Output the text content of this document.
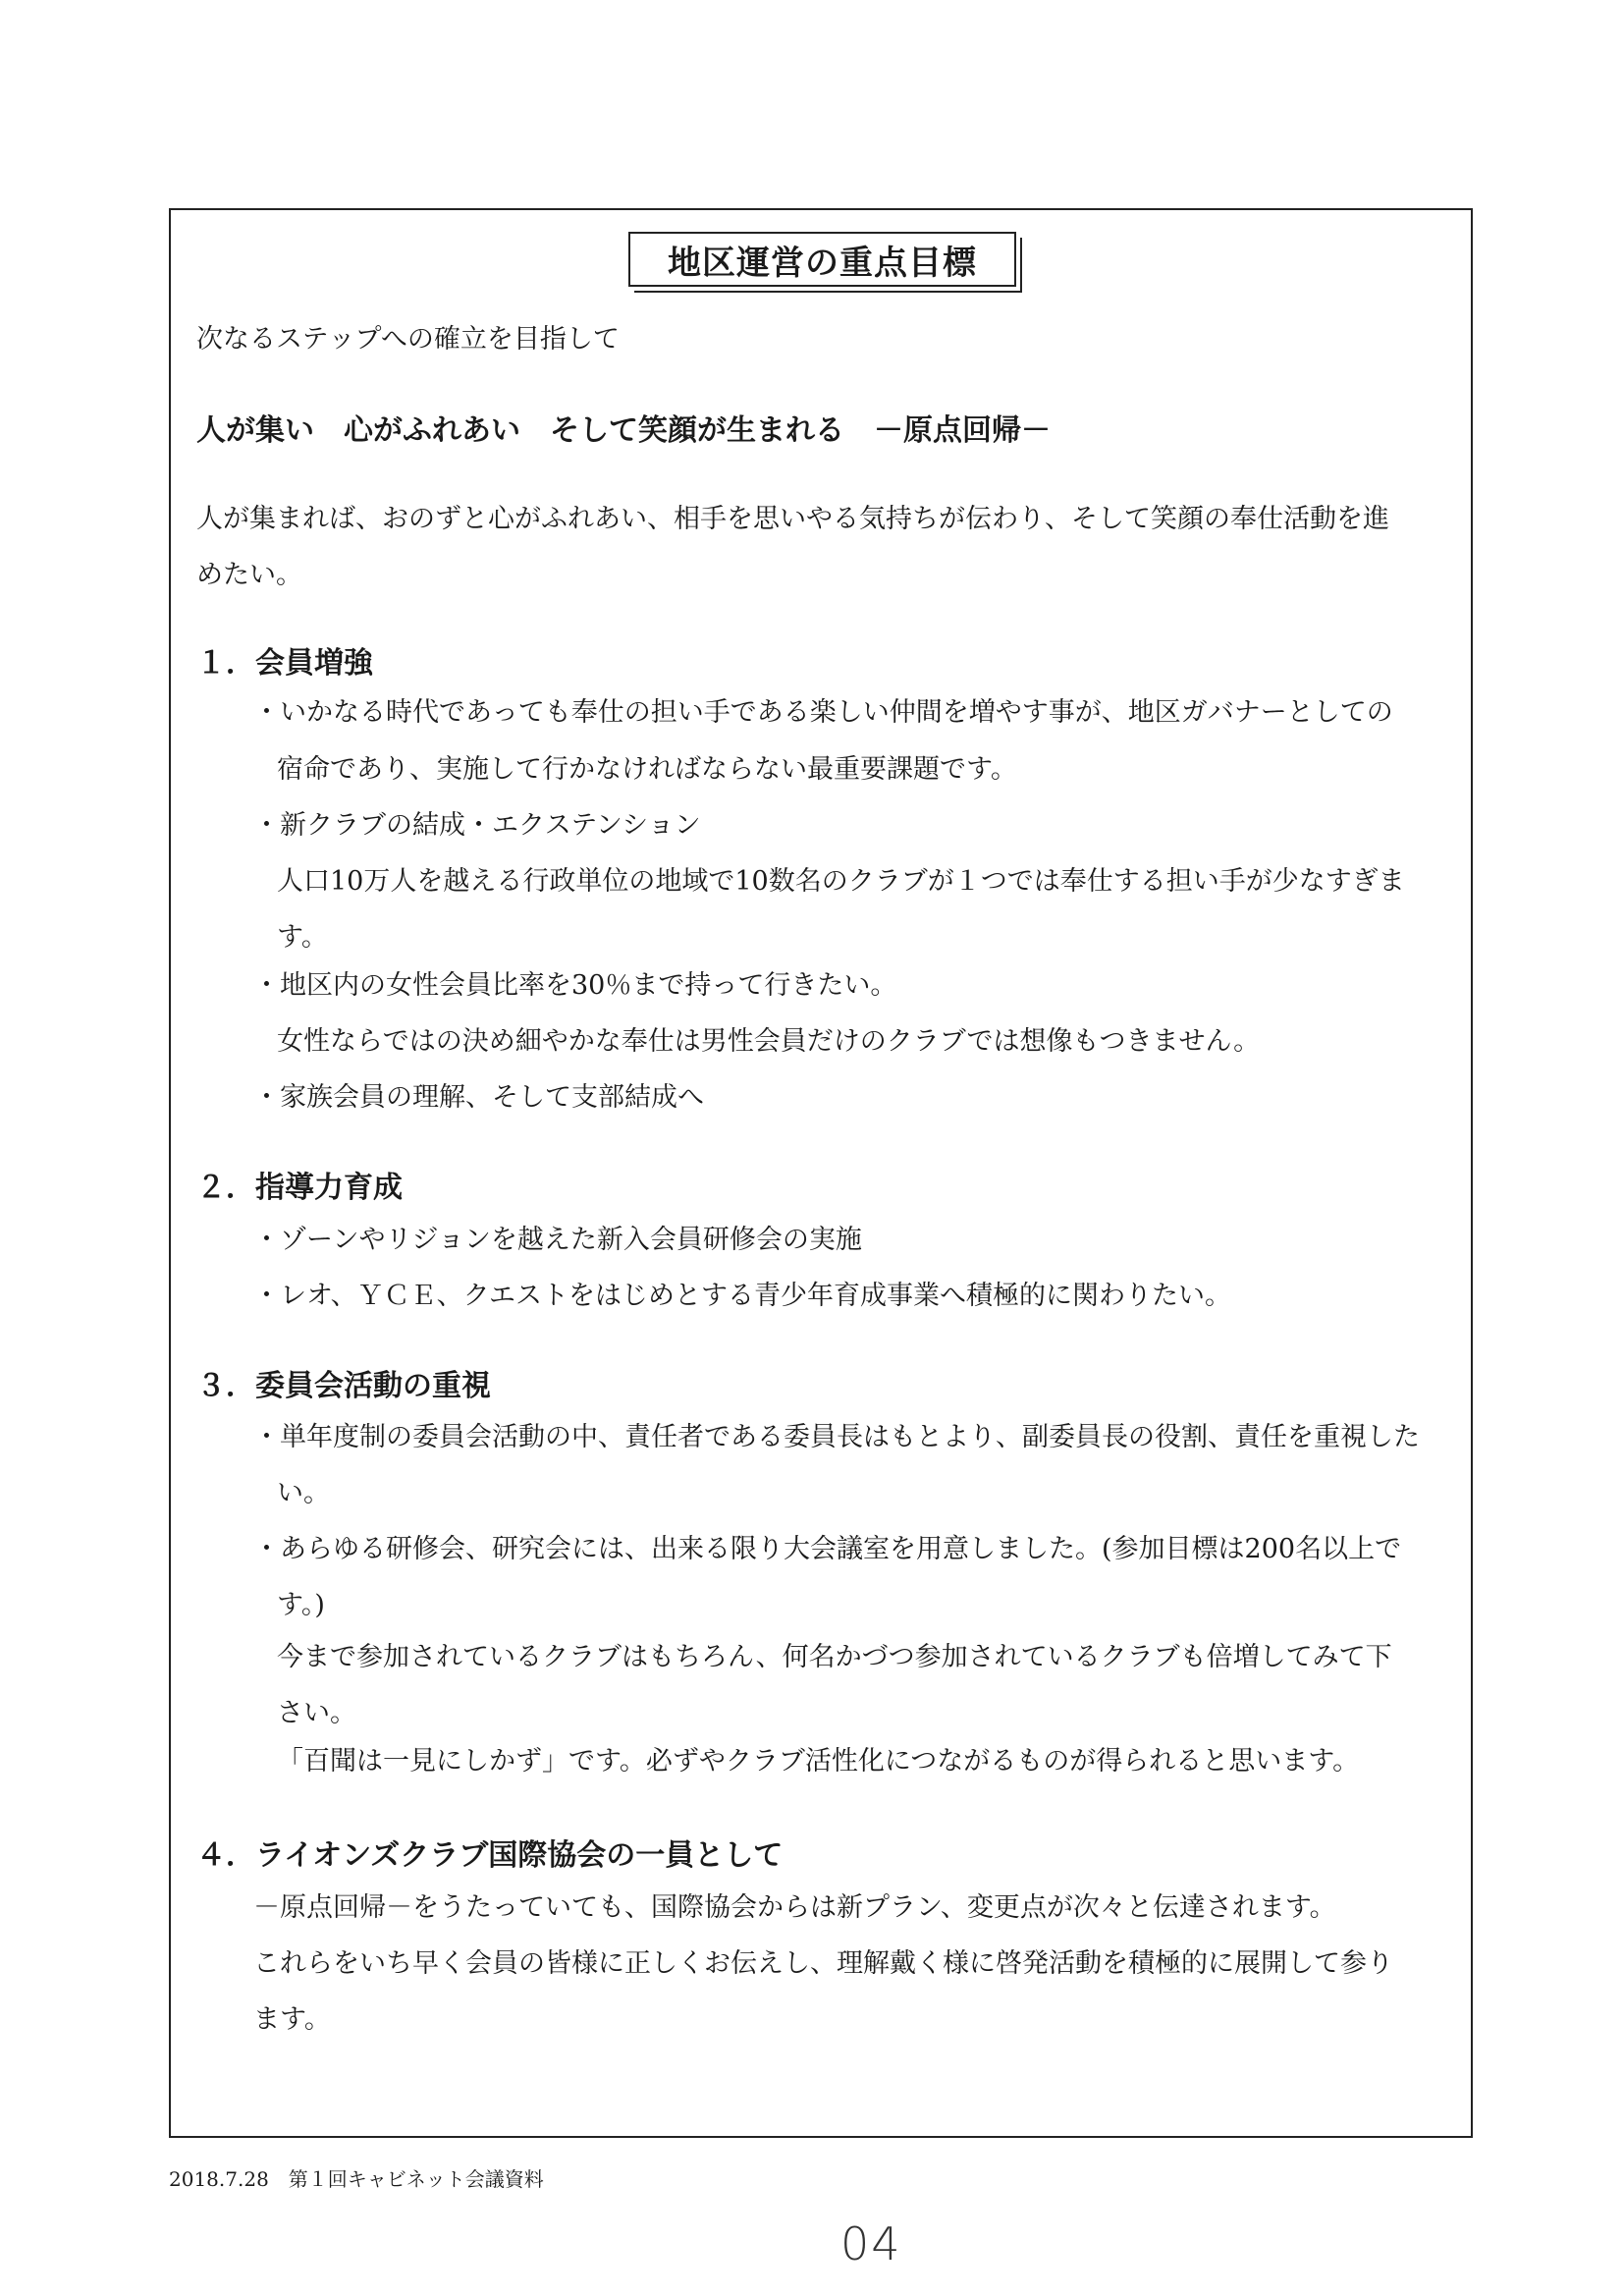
地区運営の重点目標
次なるステップへの確立を目指して
人が集い　心がふれあい　そして笑顔が生まれる　－原点回帰－
人が集まれば、おのずと心がふれあい、相手を思いやる気持ちが伝わり、そして笑顔の奉仕活動を進
めたい。
１．会員増強
・いかなる時代であっても奉仕の担い手である楽しい仲間を増やす事が、地区ガバナーとしての
宿命であり、実施して行かなければならない最重要課題です。
・新クラブの結成・エクステンション
人口10万人を越える行政単位の地域で10数名のクラブが１つでは奉仕する担い手が少なすぎま
す。
・地区内の女性会員比率を30％まで持って行きたい。
女性ならではの決め細やかな奉仕は男性会員だけのクラブでは想像もつきません。
・家族会員の理解、そして支部結成へ
２．指導力育成
・ゾーンやリジョンを越えた新入会員研修会の実施
・レオ、ＹＣＥ、クエストをはじめとする青少年育成事業へ積極的に関わりたい。
３．委員会活動の重視
・単年度制の委員会活動の中、責任者である委員長はもとより、副委員長の役割、責任を重視した
い。
・あらゆる研修会、研究会には、出来る限り大会議室を用意しました。(参加目標は200名以上で
す。)
今まで参加されているクラブはもちろん、何名かづつ参加されているクラブも倍増してみて下
さい。
「百聞は一見にしかず」です。必ずやクラブ活性化につながるものが得られると思います。
４．ライオンズクラブ国際協会の一員として
－原点回帰－をうたっていても、国際協会からは新プラン、変更点が次々と伝達されます。
これらをいち早く会員の皆様に正しくお伝えし、理解戴く様に啓発活動を積極的に展開して参り
ます。
2018.7.28　第１回キャビネット会議資料
04
